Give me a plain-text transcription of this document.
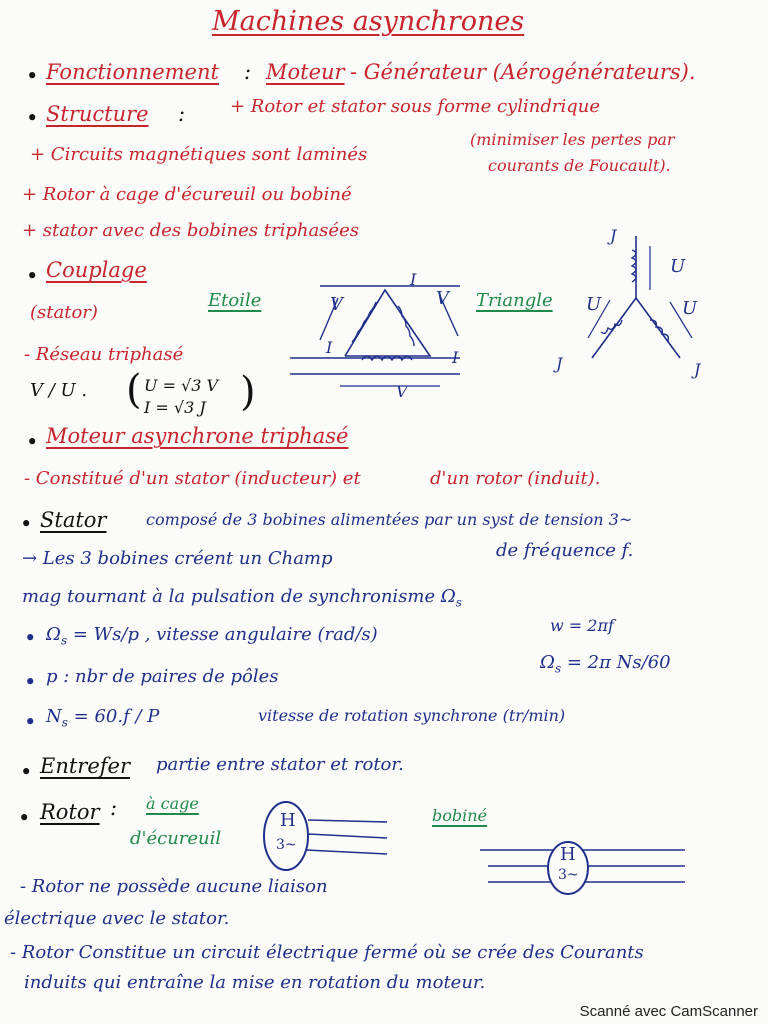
Machines asynchrones
• Fonctionnement : Moteur - Générateur (Aérogénérateurs).
• Structure : + Rotor et stator sous forme cylindrique
+ Circuits magnétiques sont laminés
(minimiser les pertes par
courants de Foucault).
+ Rotor à cage d'écureuil ou bobiné
+ stator avec des bobines triphasées
• Couplage
(stator)
Etoile	Triangle
V	V
I
I
I
V
J
J	J
U
U	U
- Réseau triphasé
V / U . ( U = √3 V
I = √3 J )
• Moteur asynchrone triphasé
- Constitué d'un stator (inducteur) et	d'un rotor (induit).
• Stator composé de 3 bobines alimentées par un syst de tension 3~
→ Les 3 bobines créent un Champ	de fréquence f.
mag tournant à la pulsation de synchronisme $\Omega_s$
• $\Omega_s = Ws/p$ , vitesse angulaire (rad/s)	w = 2πf
• p : nbr de paires de pôles
$\Omega_s = 2\pi$ Ns/60
• $N_s = 60.f / P$	vitesse de rotation synchrone (tr/min)
• Entrefer partie entre stator et rotor.
• Rotor : à cage
d'écureuil
bobiné
H
3~	H
3~
- Rotor ne possède aucune liaison
électrique avec le stator.
- Rotor Constitue un circuit électrique fermé où se crée des Courants
induits qui entraîne la mise en rotation du moteur.
Scanné avec CamScanner
